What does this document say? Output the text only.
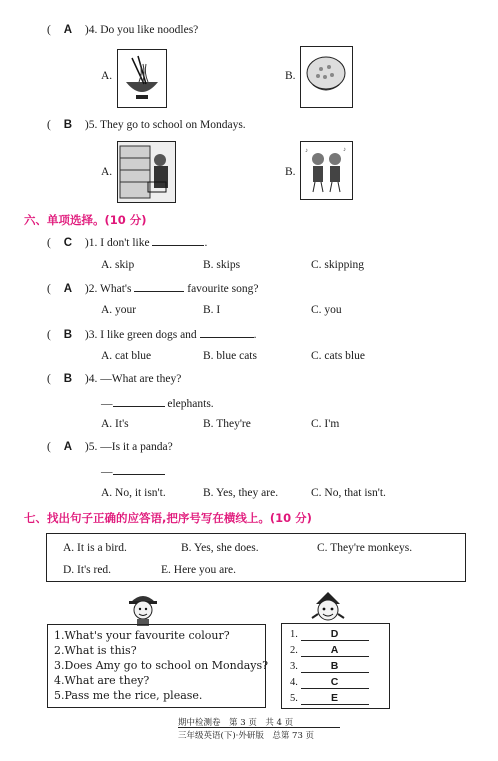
( A )4. Do you like noodles?
A.	B.
( B )5. They go to school on Mondays.
A.	B.
♪	♪
六、单项选择。(10 分)
( C )1. I don't like	.
A. skip	B. skips	C. skipping
( A )2. What's	favourite song?
A. your	B. I	C. you
( B )3. I like green dogs and	.
A. cat blue	B. blue cats	C. cats blue
( B )4. —What are they?
—	elephants.
A. It's	B. They're	C. I'm
( A )5. —Is it a panda?
—
A. No, it isn't.	B. Yes, they are.	C. No, that isn't.
七、找出句子正确的应答语,把序号写在横线上。(10 分)
A. It is a bird.	B. Yes, she does.	C. They're monkeys.
D. It's red.	E. Here you are.
1.What's your favourite colour?
2.What is this?
3.Does Amy go to school on Mondays?
4.What are they?
5.Pass me the rice, please.
1.	D
2.	A
3.	B
4.	C
5.	E
期中检测卷　第 3 页　共 4 页
三年级英语(下)·外研版　总第 73 页
